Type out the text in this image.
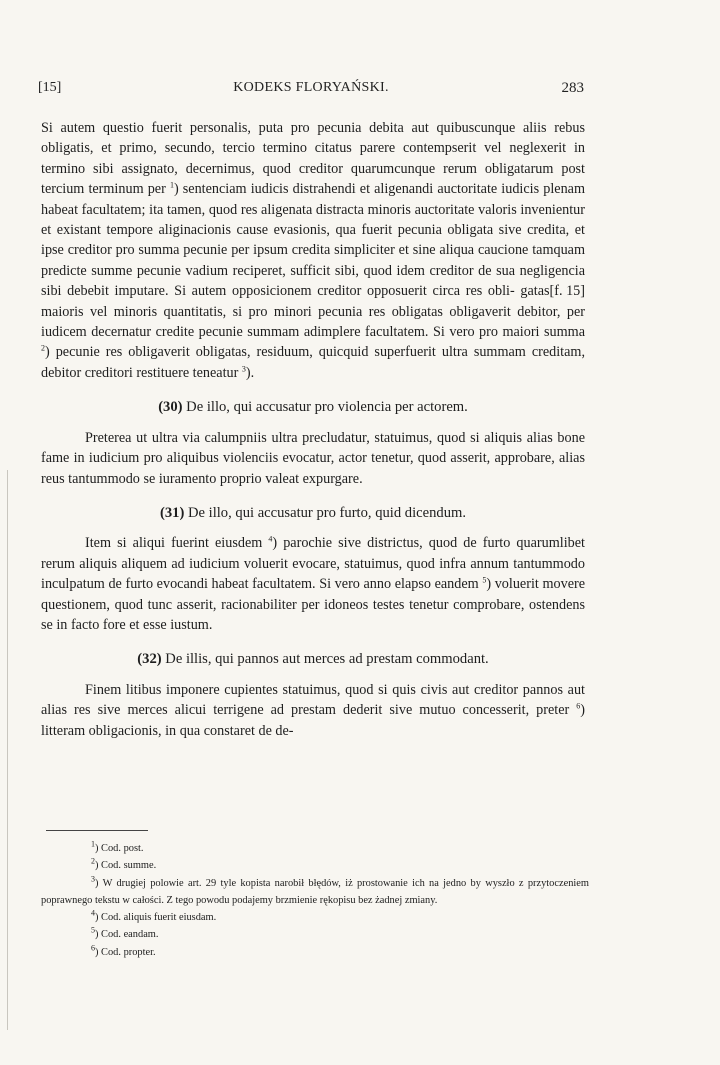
[15]	KODEKS FLORYAŃSKI.	283

Si autem questio fuerit personalis, puta pro pecunia debita aut quibuscunque aliis rebus obligatis, et primo, secundo, tercio termino citatus parere contempserit vel neglexerit in termino sibi assignato, decernimus, quod creditor quarumcunque rerum obligatarum post tercium terminum per $^1$) sentenciam iudicis distrahendi et aligenandi auctoritate iudicis plenam habeat facultatem; ita tamen, quod res aligenata distracta minoris auctoritate valoris invenientur et existant tempore aliginacionis cause evasionis, qua fuerit pecunia obligata sive credita, et ipse creditor pro summa pecunie per ipsum credita simpliciter et sine aliqua caucione tamquam predicte summe pecunie vadium reciperet, sufficit sibi, quod idem creditor de sua negligencia sibi debebit imputare. Si autem opposicionem creditor opposuerit circa res obli- [f. 15]
gatas maioris vel minoris quantitatis, si pro minori pecunia res obligatas obligaverit debitor, per iudicem decernatur credite pecunie summam adimplere facultatem. Si vero pro maiori summa $^2$) pecunie res obligaverit obligatas, residuum, quicquid superfuerit ultra summam creditam, debitor creditori restituere teneatur $^3$).

(30) De illo, qui accusatur pro violencia per actorem.

Preterea ut ultra via calumpniis ultra precludatur, statuimus, quod si aliquis alias bone fame in iudicium pro aliquibus violenciis evocatur, actor tenetur, quod asserit, approbare, alias reus tantummodo se iuramento proprio valeat expurgare.

(31) De illo, qui accusatur pro furto, quid dicendum.

Item si aliqui fuerint eiusdem $^4$) parochie sive districtus, quod de furto quarumlibet rerum aliquis aliquem ad iudicium voluerit evocare, statuimus, quod infra annum tantummodo inculpatum de furto evocandi habeat facultatem. Si vero anno elapso eandem $^5$) voluerit movere questionem, quod tunc asserit, racionabiliter per idoneos testes tenetur comprobare, ostendens se in facto fore et esse iustum.

(32) De illis, qui pannos aut merces ad prestam commodant.

Finem litibus imponere cupientes statuimus, quod si quis civis aut creditor pannos aut alias res sive merces alicui terrigene ad prestam dederit sive mutuo concesserit, preter $^6$) litteram obligacionis, in qua constaret de de-

$^1$) Cod. post.
$^2$) Cod. summe.
$^3$) W drugiej polowie art. 29 tyle kopista narobił błędów, iż prostowanie ich na jedno by wyszło z przytoczeniem poprawnego tekstu w całości. Z tego powodu podajemy brzmienie rękopisu bez żadnej zmiany.
$^4$) Cod. aliquis fuerit eiusdam.
$^5$) Cod. eandam.
$^6$) Cod. propter.
